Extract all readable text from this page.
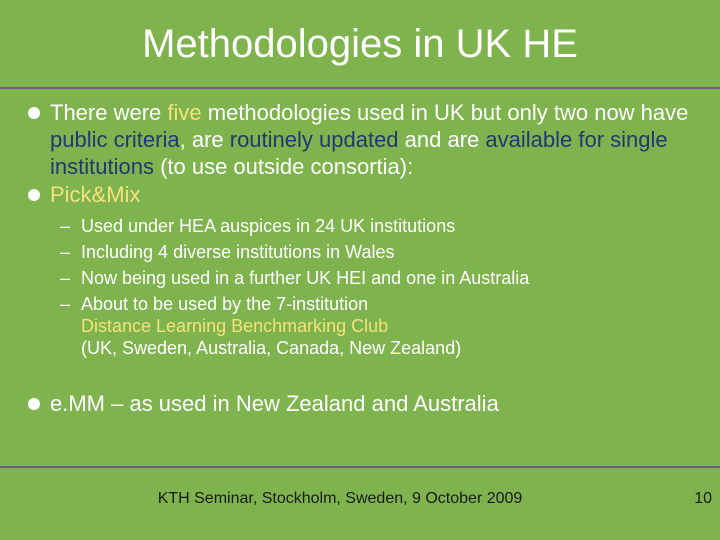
Methodologies in UK HE
There were five methodologies used in UK but only two now have public criteria, are routinely updated and are available for single institutions (to use outside consortia):
Pick&Mix
– Used under HEA auspices in 24 UK institutions
– Including 4 diverse institutions in Wales
– Now being used in a further UK HEI and one in Australia
– About to be used by the 7-institution
Distance Learning Benchmarking Club
(UK, Sweden, Australia, Canada, New Zealand)
e.MM – as used in New Zealand and Australia
KTH Seminar, Stockholm, Sweden, 9 October 2009	10
